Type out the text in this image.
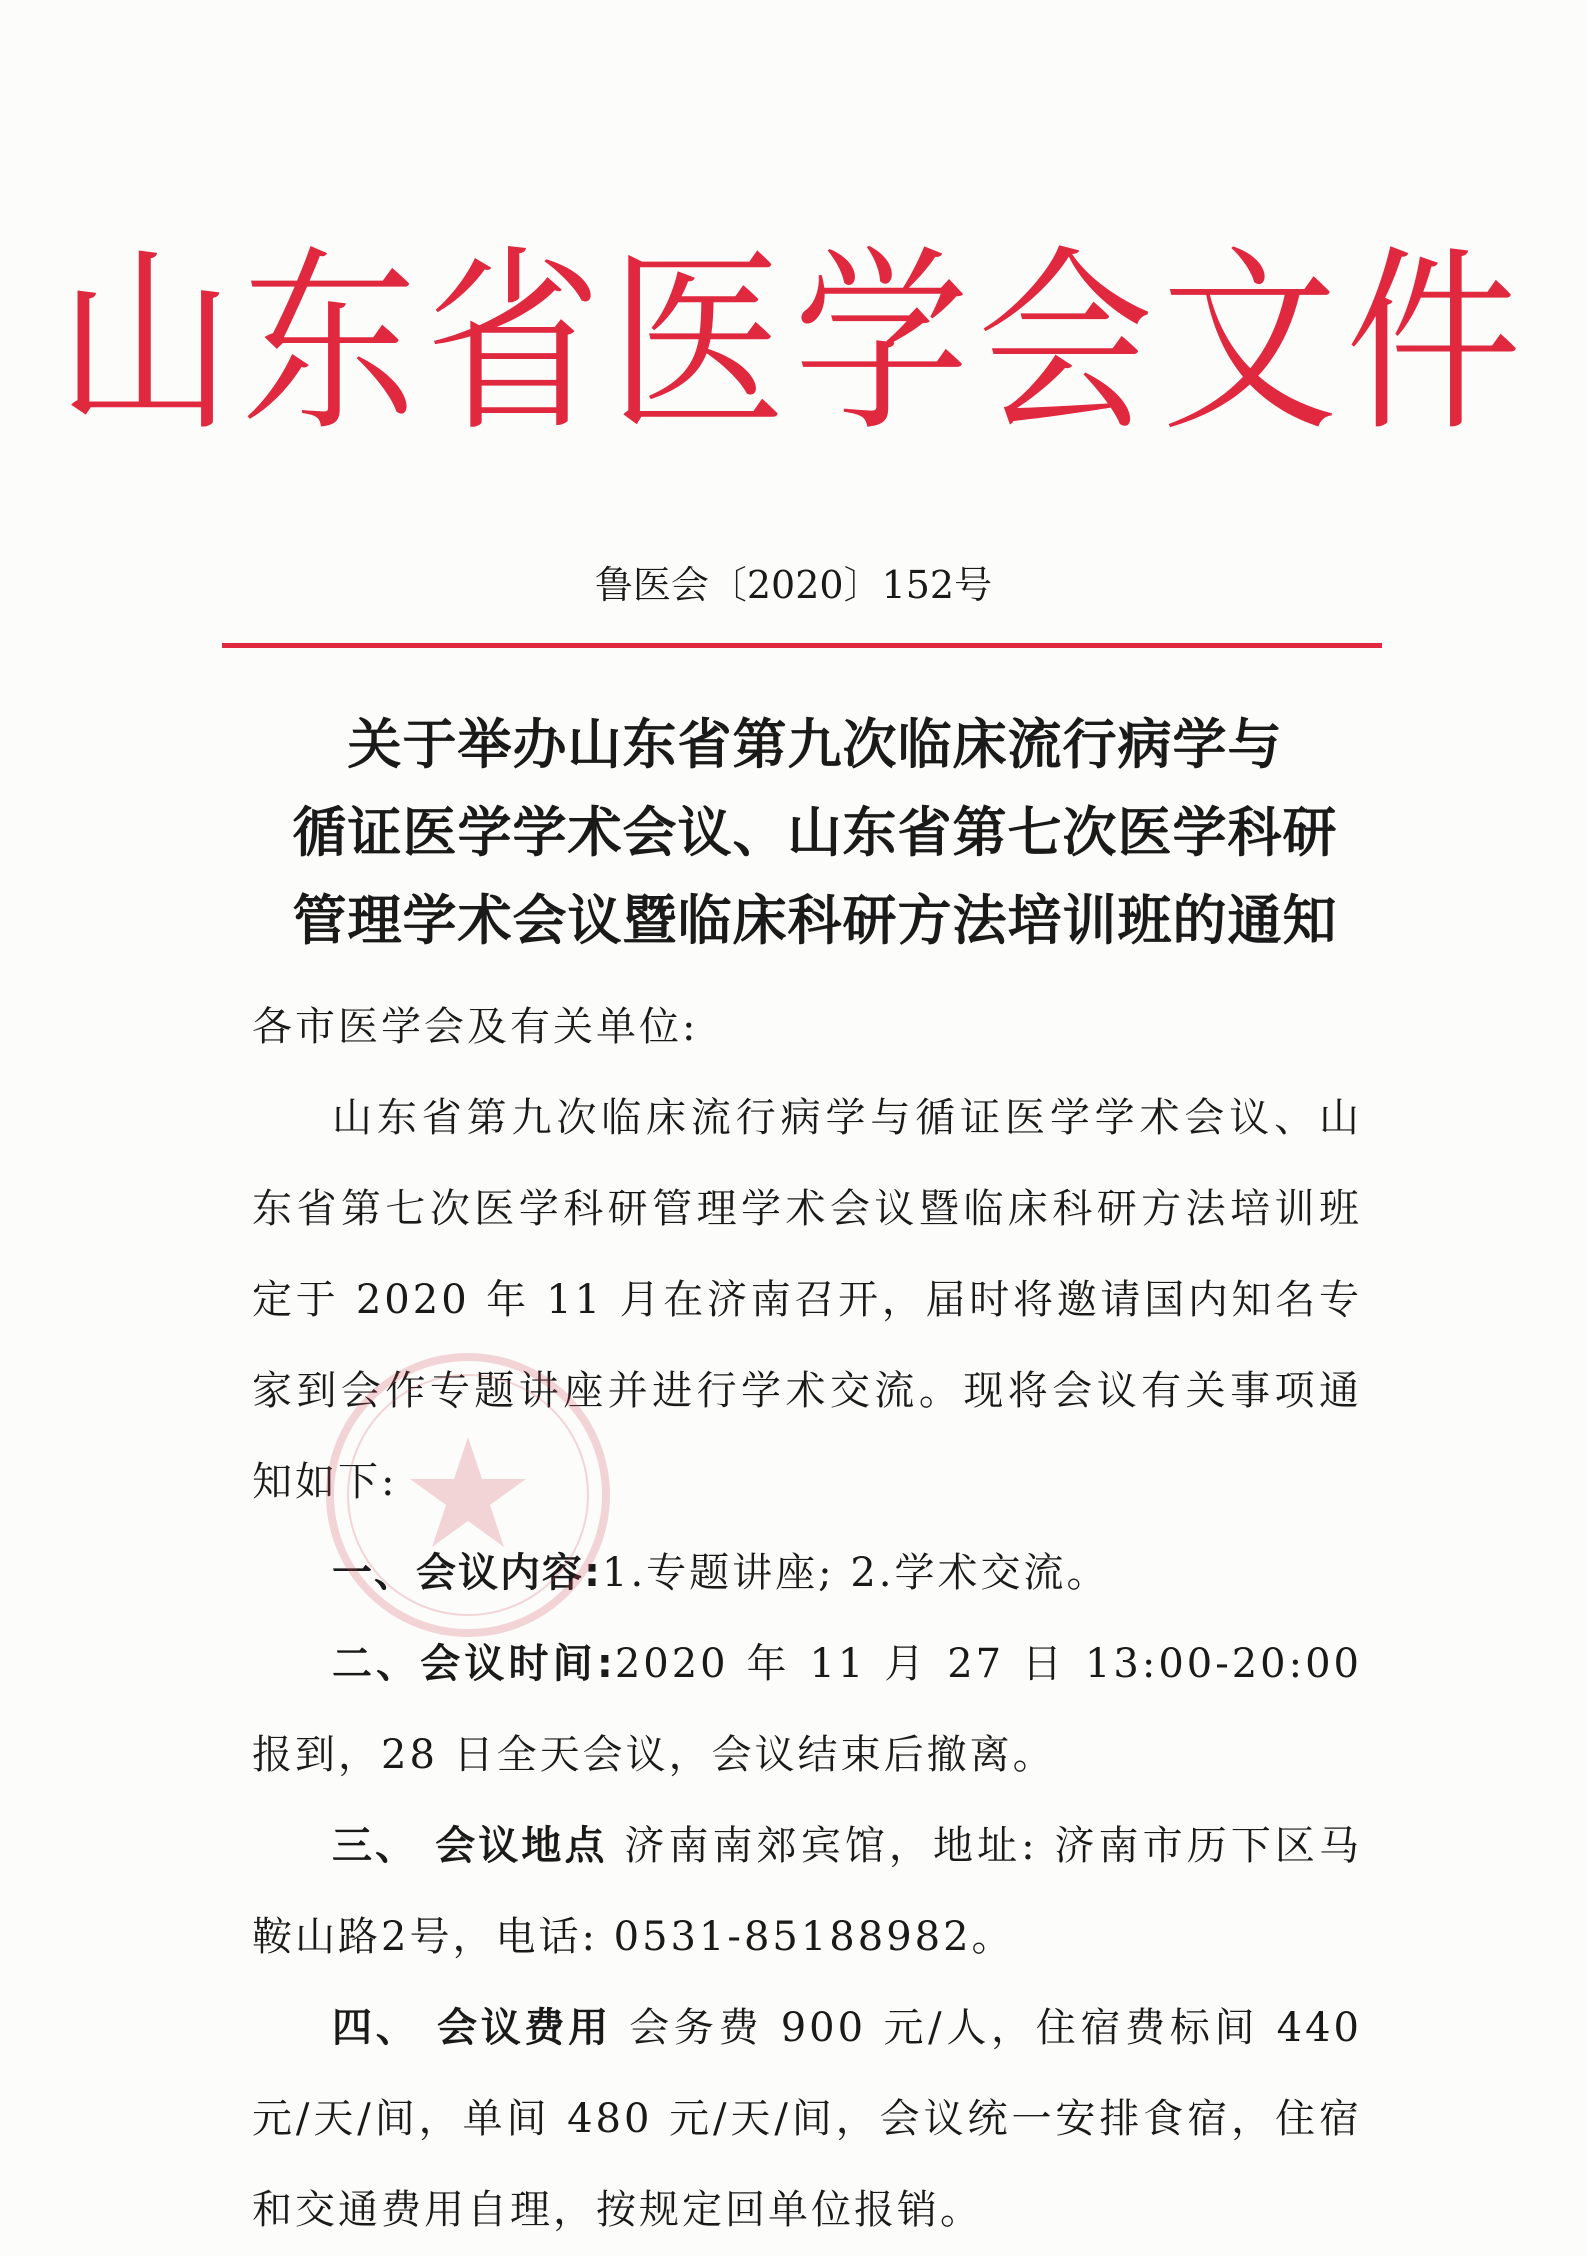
山东省医学会文件
鲁医会〔2020〕152号
关于举办山东省第九次临床流行病学与
循证医学学术会议、山东省第七次医学科研
管理学术会议暨临床科研方法培训班的通知

各市医学会及有关单位:

山东省第九次临床流行病学与循证医学学术会议、山东省第七次医学科研管理学术会议暨临床科研方法培训班定于 2020 年 11 月在济南召开，届时将邀请国内知名专家到会作专题讲座并进行学术交流。现将会议有关事项通知如下:

一、会议内容:1.专题讲座; 2.学术交流。

二、会议时间:2020 年 11 月 27 日 13:00-20:00 报到，28 日全天会议，会议结束后撤离。

三、 会议地点 济南南郊宾馆，地址: 济南市历下区马鞍山路2号，电话: 0531-85188982。

四、 会议费用 会务费 900 元/人，住宿费标间 440 元/天/间，单间 480 元/天/间，会议统一安排食宿，住宿和交通费用自理，按规定回单位报销。
